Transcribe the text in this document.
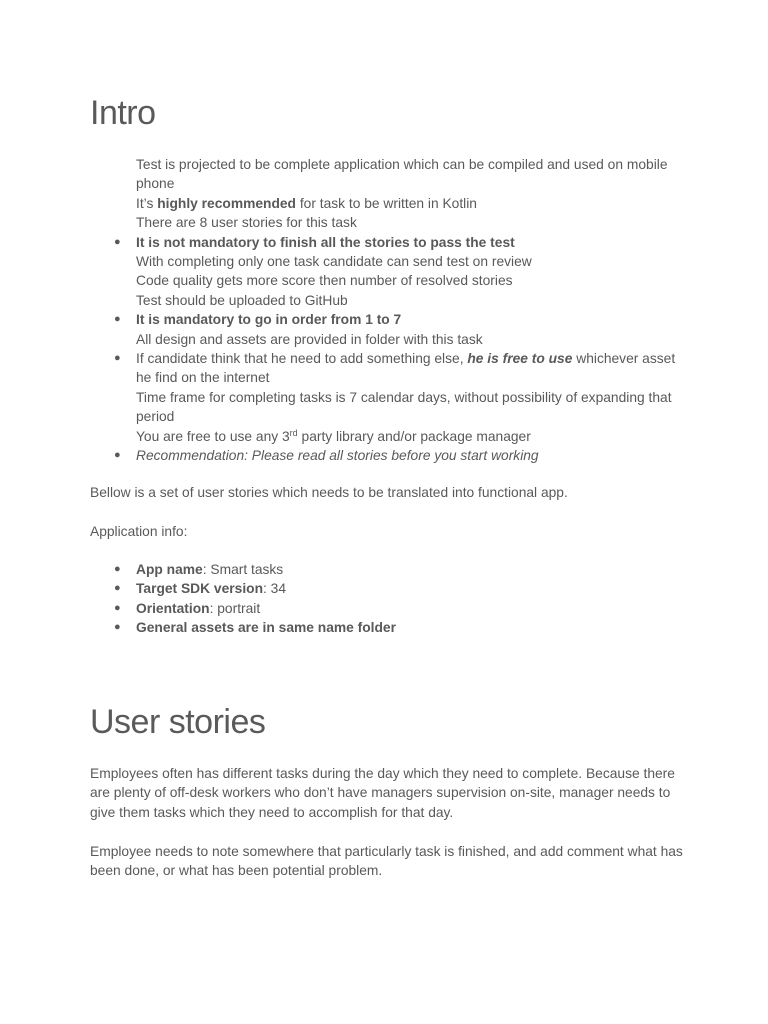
Intro
Test is projected to be complete application which can be compiled and used on mobile phone
It’s highly recommended for task to be written in Kotlin
There are 8 user stories for this task
● It is not mandatory to finish all the stories to pass the test
With completing only one task candidate can send test on review
Code quality gets more score then number of resolved stories
Test should be uploaded to GitHub
● It is mandatory to go in order from 1 to 7
All design and assets are provided in folder with this task
● If candidate think that he need to add something else, he is free to use whichever asset he find on the internet
Time frame for completing tasks is 7 calendar days, without possibility of expanding that period
You are free to use any 3rd party library and/or package manager
● Recommendation: Please read all stories before you start working

Bellow is a set of user stories which needs to be translated into functional app.

Application info:

● App name: Smart tasks
● Target SDK version: 34
● Orientation: portrait
● General assets are in same name folder
User stories

Employees often has different tasks during the day which they need to complete. Because there are plenty of off-desk workers who don’t have managers supervision on-site, manager needs to give them tasks which they need to accomplish for that day.

Employee needs to note somewhere that particularly task is finished, and add comment what has been done, or what has been potential problem.
